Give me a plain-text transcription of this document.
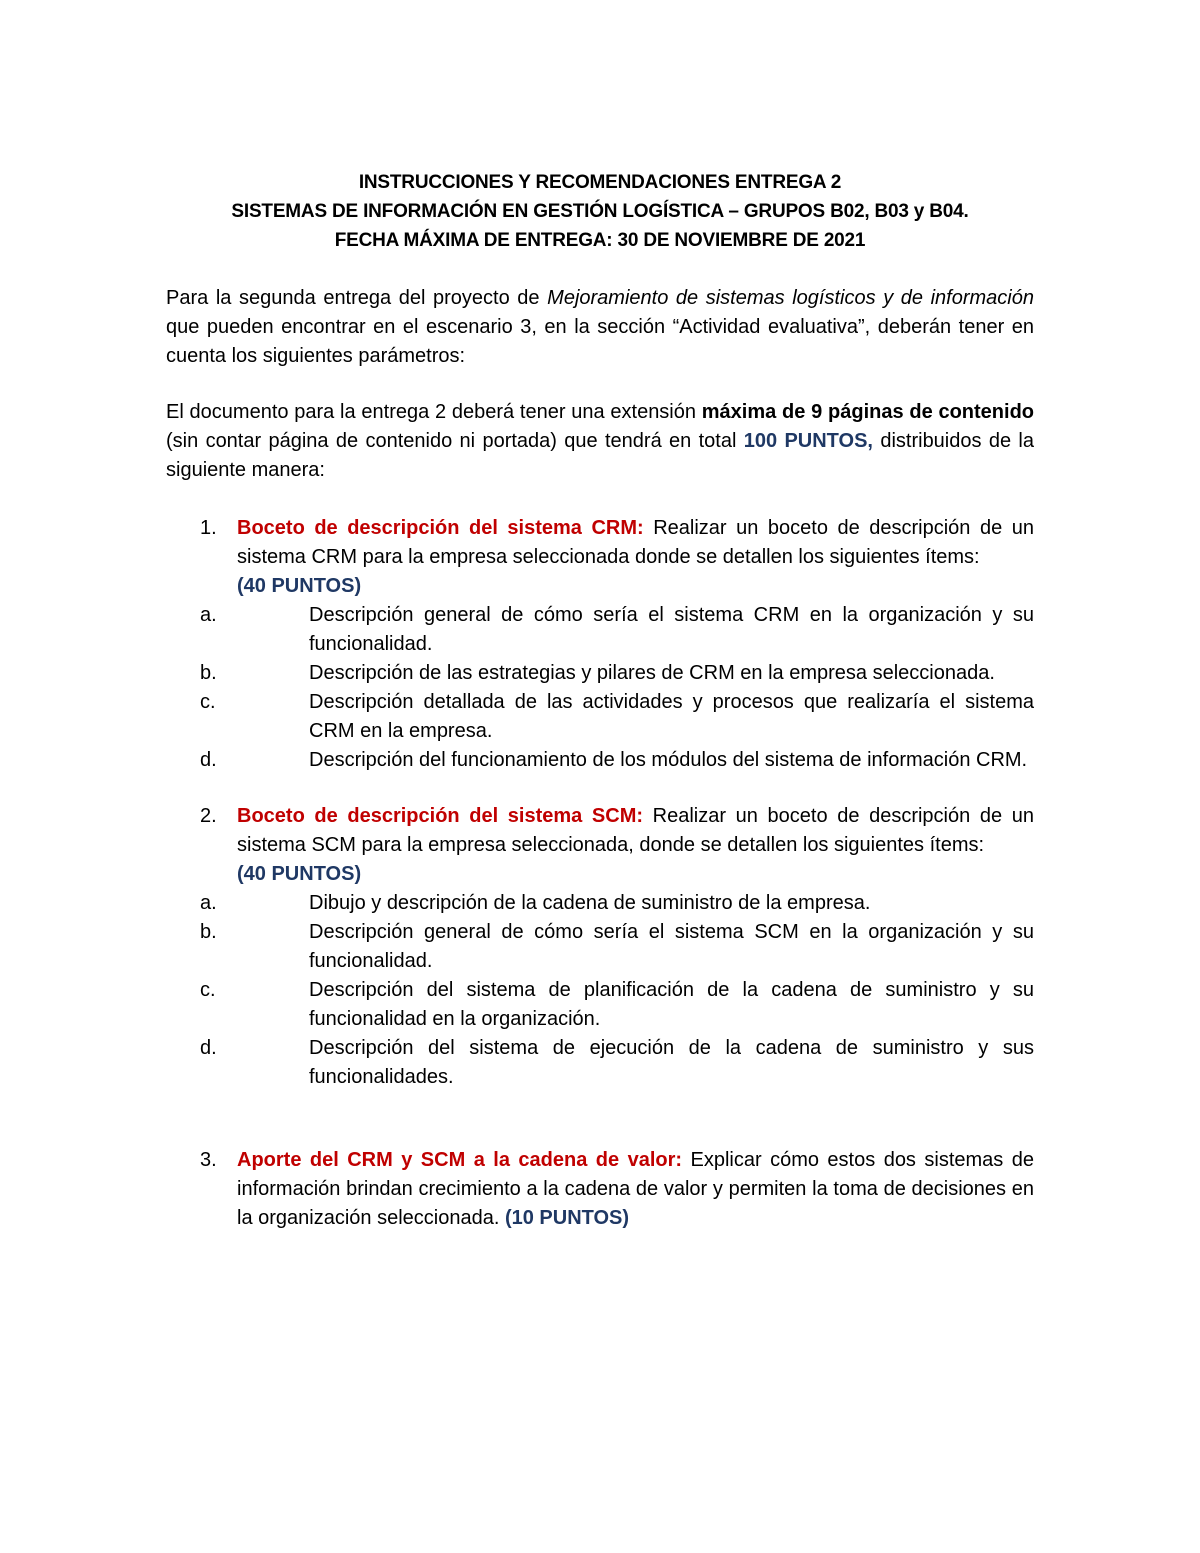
INSTRUCCIONES Y RECOMENDACIONES ENTREGA 2
SISTEMAS DE INFORMACIÓN EN GESTIÓN LOGÍSTICA – GRUPOS B02, B03 y B04.
FECHA MÁXIMA DE ENTREGA: 30 DE NOVIEMBRE DE 2021
Para la segunda entrega del proyecto de Mejoramiento de sistemas logísticos y de información que pueden encontrar en el escenario 3, en la sección “Actividad evaluativa”, deberán tener en cuenta los siguientes parámetros:
El documento para la entrega 2 deberá tener una extensión máxima de 9 páginas de contenido (sin contar página de contenido ni portada) que tendrá en total 100 PUNTOS, distribuidos de la siguiente manera:
1. Boceto de descripción del sistema CRM: Realizar un boceto de descripción de un sistema CRM para la empresa seleccionada donde se detallen los siguientes ítems:
(40 PUNTOS)
a.	Descripción general de cómo sería el sistema CRM en la organización y su funcionalidad.
b.	Descripción de las estrategias y pilares de CRM en la empresa seleccionada.
c.	Descripción detallada de las actividades y procesos que realizaría el sistema CRM en la empresa.
d.	Descripción del funcionamiento de los módulos del sistema de información CRM.
2. Boceto de descripción del sistema SCM: Realizar un boceto de descripción de un sistema SCM para la empresa seleccionada, donde se detallen los siguientes ítems:
(40 PUNTOS)
a.	Dibujo y descripción de la cadena de suministro de la empresa.
b.	Descripción general de cómo sería el sistema SCM en la organización y su funcionalidad.
c.	Descripción del sistema de planificación de la cadena de suministro y su funcionalidad en la organización.
d.	Descripción del sistema de ejecución de la cadena de suministro y sus funcionalidades.
3. Aporte del CRM y SCM a la cadena de valor: Explicar cómo estos dos sistemas de información brindan crecimiento a la cadena de valor y permiten la toma de decisiones en la organización seleccionada. (10 PUNTOS)
